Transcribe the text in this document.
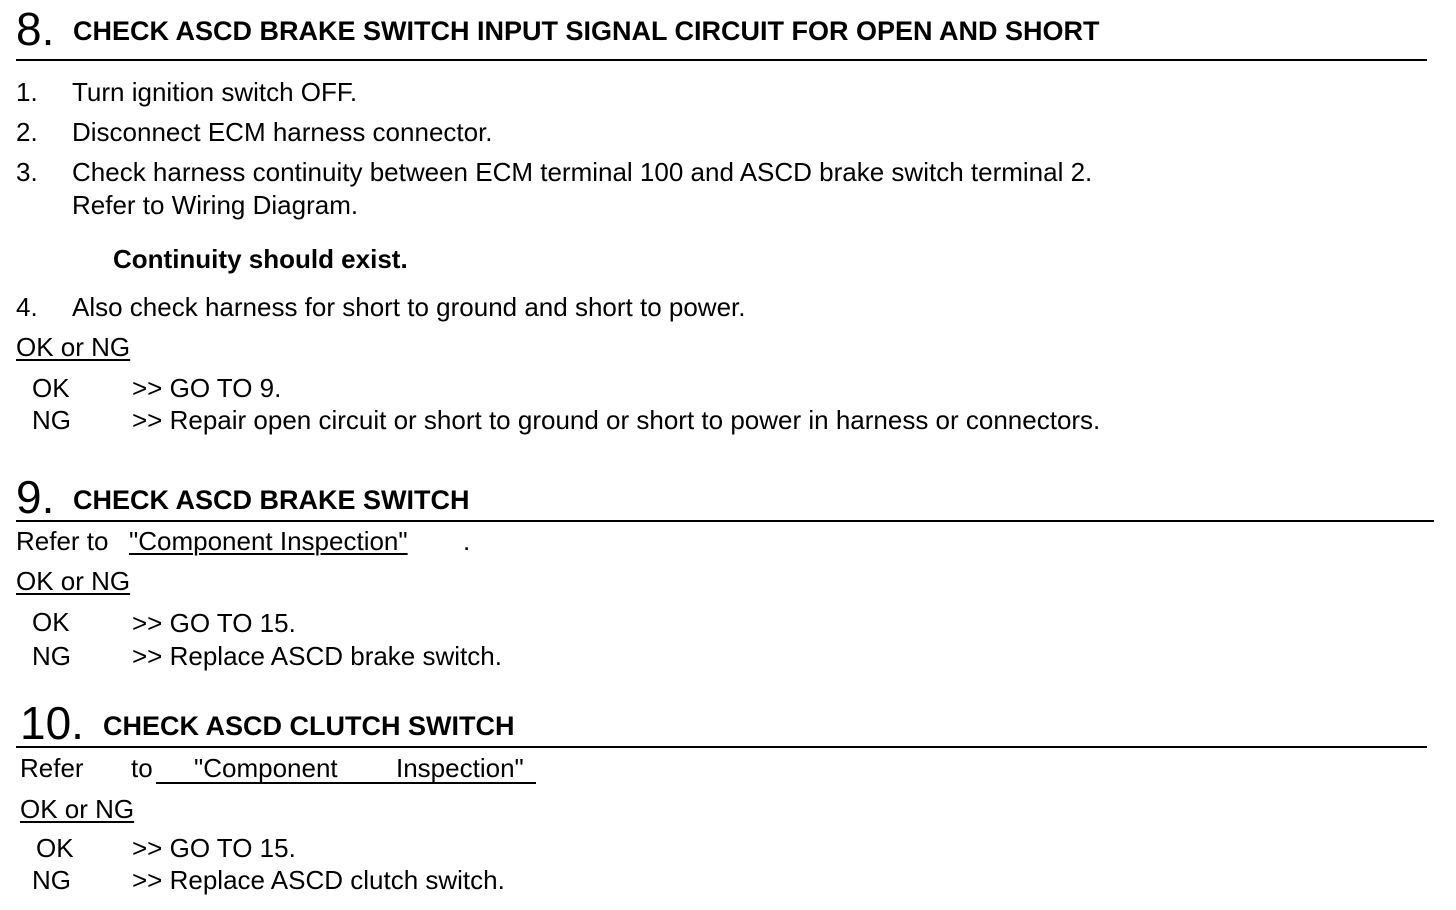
8. CHECK ASCD BRAKE SWITCH INPUT SIGNAL CIRCUIT FOR OPEN AND SHORT
1. Turn ignition switch OFF.
2. Disconnect ECM harness connector.
3. Check harness continuity between ECM terminal 100 and ASCD brake switch terminal 2.
Refer to Wiring Diagram.
Continuity should exist.
4. Also check harness for short to ground and short to power.
OK or NG
OK >> GO TO 9.
NG >> Repair open circuit or short to ground or short to power in harness or connectors.
9. CHECK ASCD BRAKE SWITCH
Refer to "Component Inspection" .
OK or NG
OK >> GO TO 15.
NG >> Replace ASCD brake switch.
10. CHECK ASCD CLUTCH SWITCH
Refer to "Component Inspection"
OK or NG
OK >> GO TO 15.
NG >> Replace ASCD clutch switch.
